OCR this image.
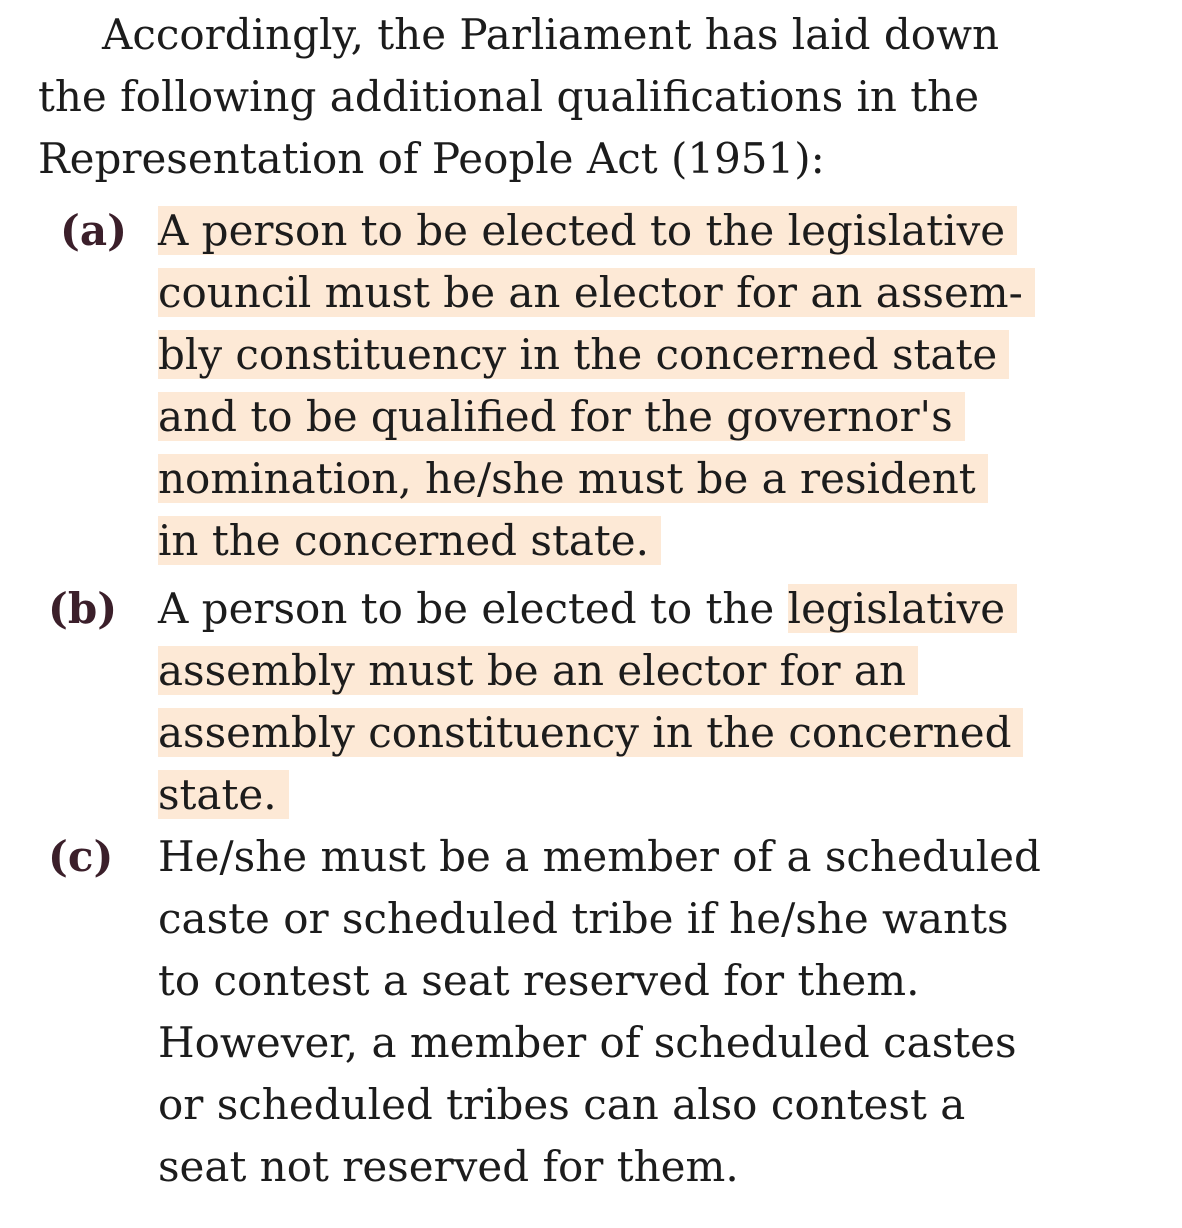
Accordingly, the Parliament has laid down
the following additional qualifications in the
Representation of People Act (1951):
(a) A person to be elected to the legislative
council must be an elector for an assem-
bly constituency in the concerned state
and to be qualified for the governor's
nomination, he/she must be a resident
in the concerned state.
(b) A person to be elected to the legislative
assembly must be an elector for an
assembly constituency in the concerned
state.
(c) He/she must be a member of a scheduled
caste or scheduled tribe if he/she wants
to contest a seat reserved for them.
However, a member of scheduled castes
or scheduled tribes can also contest a
seat not reserved for them.
